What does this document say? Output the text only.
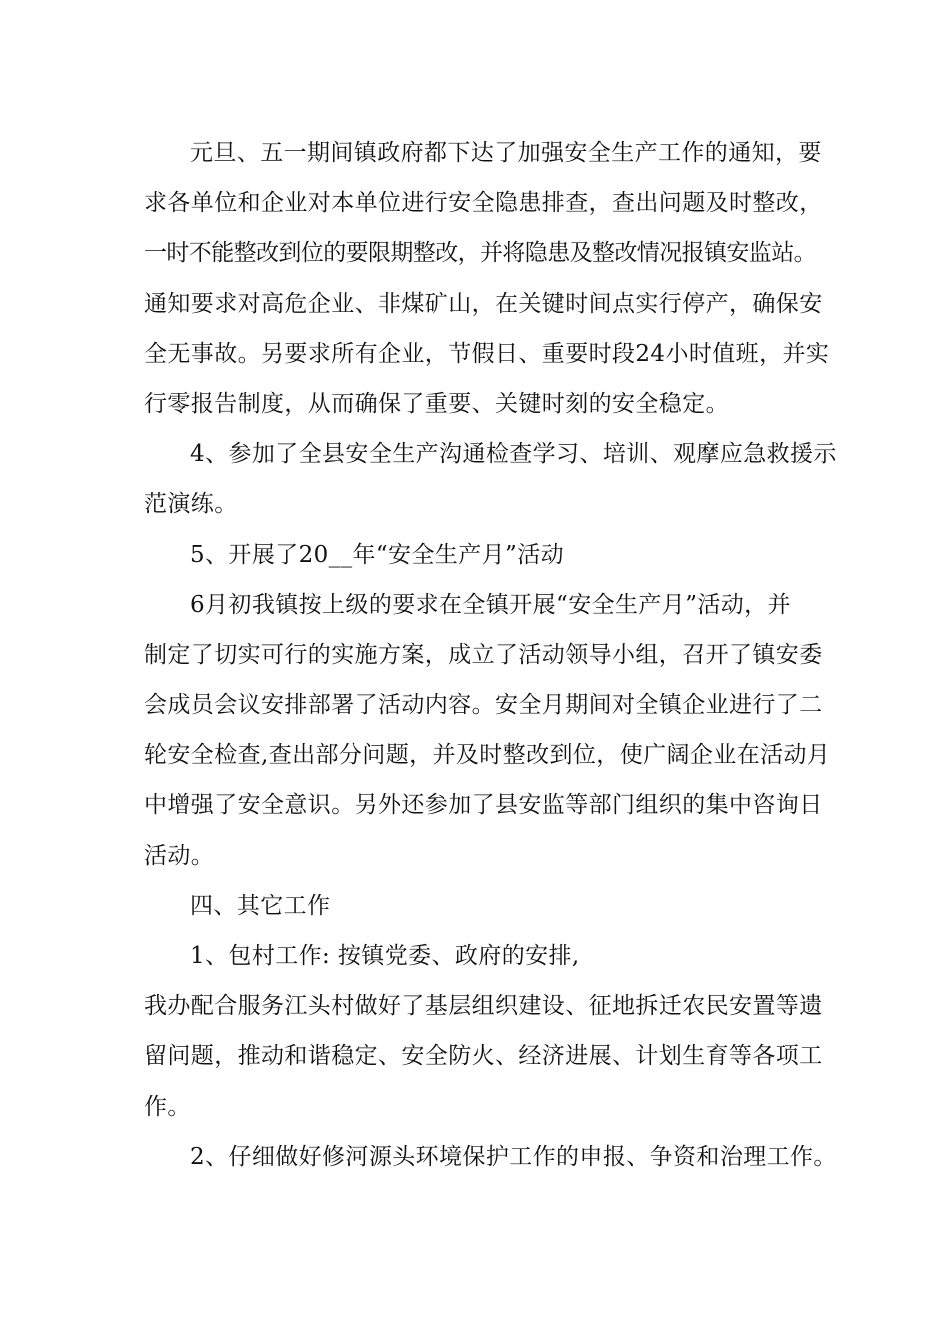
元旦、五一期间镇政府都下达了加强安全生产工作的通知，要
求各单位和企业对本单位进行安全隐患排查，查出问题及时整改，
一时不能整改到位的要限期整改，并将隐患及整改情况报镇安监站。
通知要求对高危企业、非煤矿山，在关键时间点实行停产，确保安
全无事故。另要求所有企业，节假日、重要时段24小时值班，并实
行零报告制度，从而确保了重要、关键时刻的安全稳定。
4、参加了全县安全生产沟通检查学习、培训、观摩应急救援示
范演练。
5、开展了20__年“安全生产月”活动
6月初我镇按上级的要求在全镇开展“安全生产月”活动，并
制定了切实可行的实施方案，成立了活动领导小组，召开了镇安委
会成员会议安排部署了活动内容。安全月期间对全镇企业进行了二
轮安全检查,查出部分问题，并及时整改到位，使广阔企业在活动月
中增强了安全意识。另外还参加了县安监等部门组织的集中咨询日
活动。
四、其它工作
1、包村工作: 按镇党委、政府的安排,
我办配合服务江头村做好了基层组织建设、征地拆迁农民安置等遗
留问题，推动和谐稳定、安全防火、经济进展、计划生育等各项工
作。
2、仔细做好修河源头环境保护工作的申报、争资和治理工作。
